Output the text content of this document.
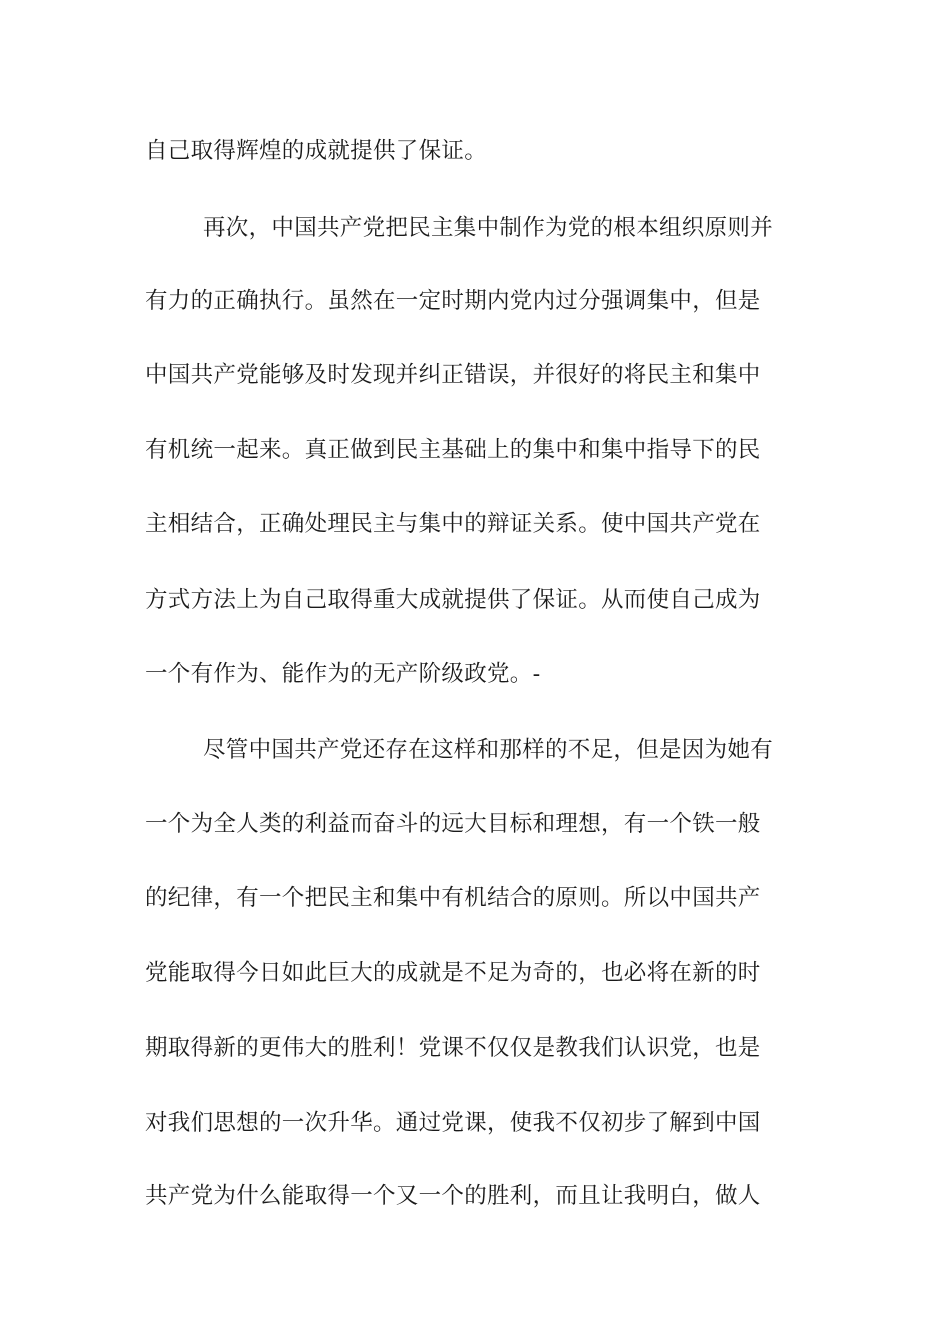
自己取得辉煌的成就提供了保证。
再次，中国共产党把民主集中制作为党的根本组织原则并
有力的正确执行。虽然在一定时期内党内过分强调集中，但是
中国共产党能够及时发现并纠正错误，并很好的将民主和集中
有机统一起来。真正做到民主基础上的集中和集中指导下的民
主相结合，正确处理民主与集中的辩证关系。使中国共产党在
方式方法上为自己取得重大成就提供了保证。从而使自己成为
一个有作为、能作为的无产阶级政党。-
尽管中国共产党还存在这样和那样的不足，但是因为她有
一个为全人类的利益而奋斗的远大目标和理想，有一个铁一般
的纪律，有一个把民主和集中有机结合的原则。所以中国共产
党能取得今日如此巨大的成就是不足为奇的，也必将在新的时
期取得新的更伟大的胜利！党课不仅仅是教我们认识党，也是
对我们思想的一次升华。通过党课，使我不仅初步了解到中国
共产党为什么能取得一个又一个的胜利，而且让我明白，做人
